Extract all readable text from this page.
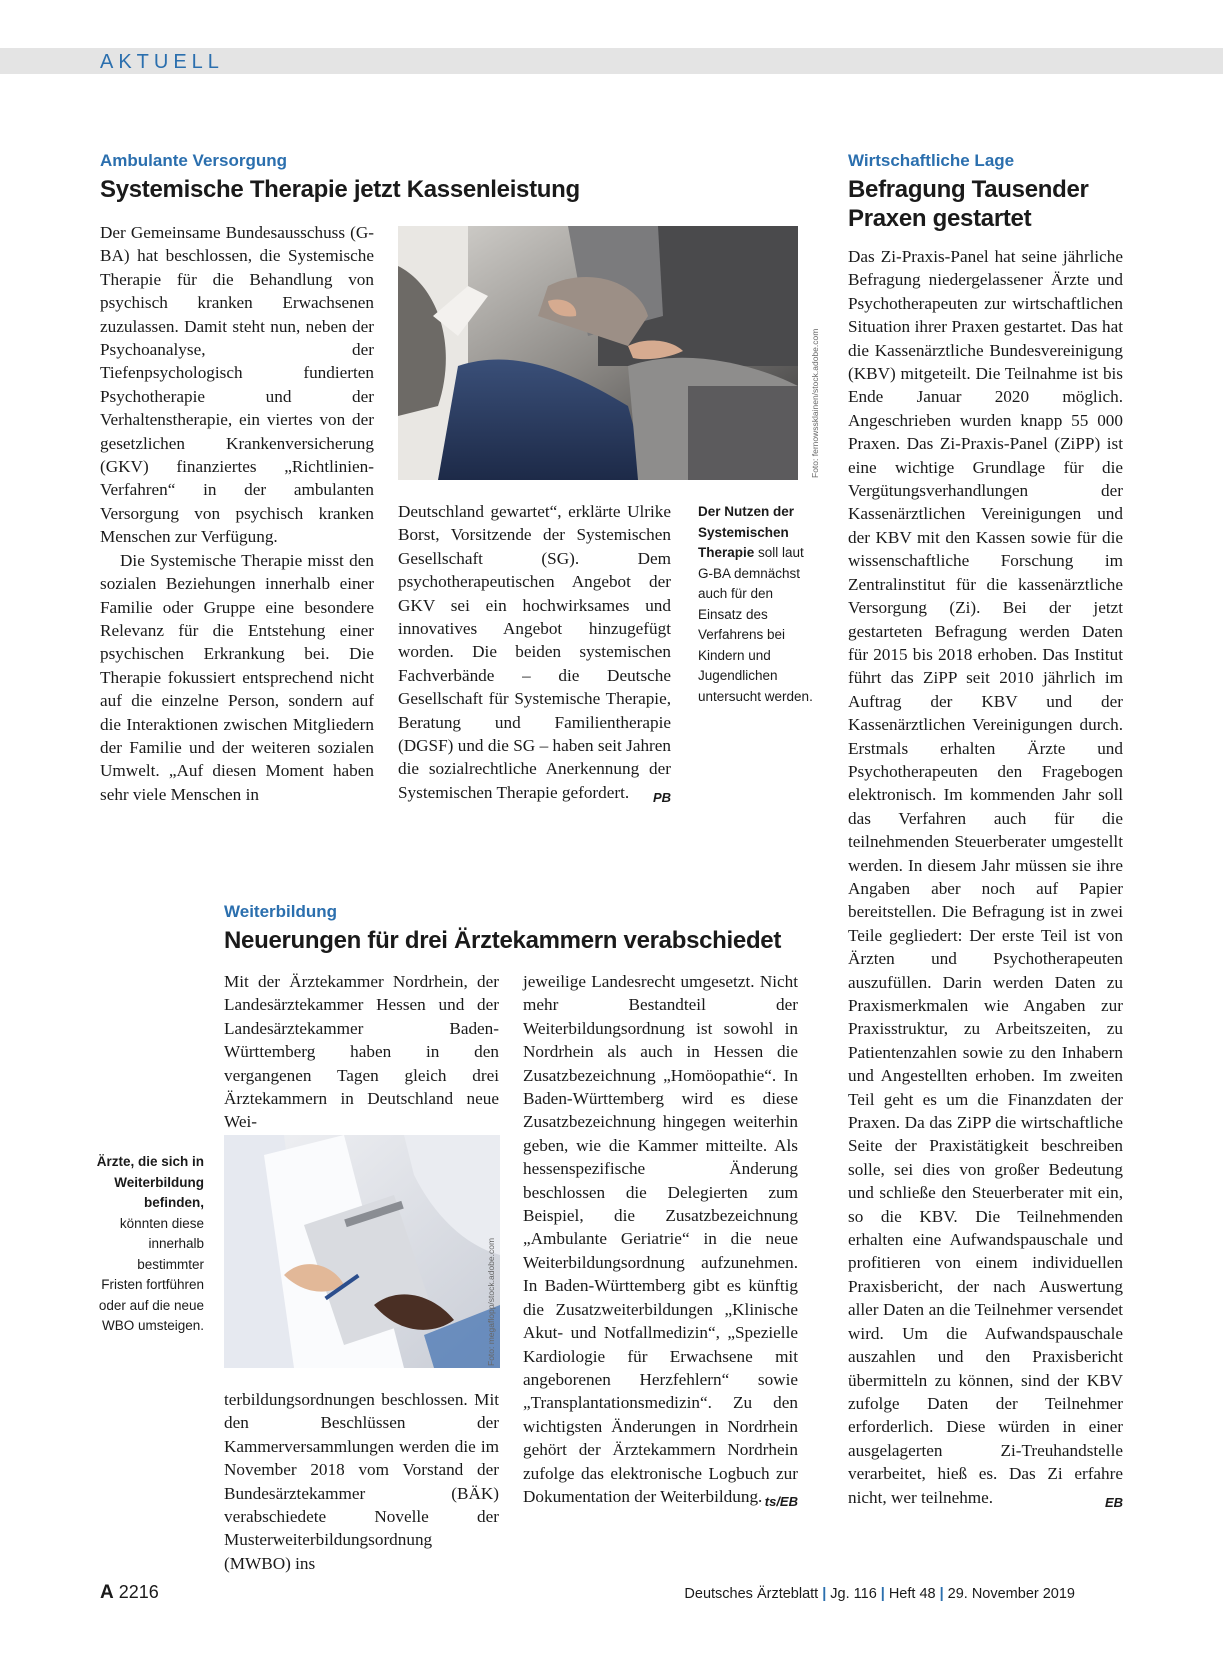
AKTUELL
Ambulante Versorgung
Systemische Therapie jetzt Kassenleistung

Der Gemeinsame Bundesausschuss (G-BA) hat beschlossen, die Systemische Therapie für die Behandlung von psychisch kranken Erwachsenen zuzulassen. Damit steht nun, neben der Psychoanalyse, der Tiefenpsychologisch fundierten Psychotherapie und der Verhaltenstherapie, ein viertes von der gesetzlichen Krankenversicherung (GKV) finanziertes „Richtlinien-Verfahren“ in der ambulanten Versorgung von psychisch kranken Menschen zur Verfügung.

Die Systemische Therapie misst den sozialen Beziehungen innerhalb einer Familie oder Gruppe eine besondere Relevanz für die Entstehung einer psychischen Erkrankung bei. Die Therapie fokussiert entsprechend nicht auf die einzelne Person, sondern auf die Interaktionen zwischen Mitgliedern der Familie und der weiteren sozialen Umwelt. „Auf diesen Moment haben sehr viele Menschen in

Foto: fernowssklainen/stock.adobe.com

Deutschland gewartet“, erklärte Ulrike Borst, Vorsitzende der Systemischen Gesellschaft (SG). Dem psychotherapeutischen Angebot der GKV sei ein hochwirksames und innovatives Angebot hinzugefügt worden. Die beiden systemischen Fachverbände – die Deutsche Gesellschaft für Systemische Therapie, Beratung und Familientherapie (DGSF) und die SG – haben seit Jahren die sozialrechtliche Anerkennung der Systemischen Therapie gefordert. PB

Der Nutzen der Systemischen Therapie soll laut G-BA demnächst auch für den Einsatz des Verfahrens bei Kindern und Jugendlichen untersucht werden.
Wirtschaftliche Lage
Befragung Tausender
Praxen gestartet

Das Zi-Praxis-Panel hat seine jährliche Befragung niedergelassener Ärzte und Psychotherapeuten zur wirtschaftlichen Situation ihrer Praxen gestartet. Das hat die Kassenärztliche Bundesvereinigung (KBV) mitgeteilt. Die Teilnahme ist bis Ende Januar 2020 möglich. Angeschrieben wurden knapp 55 000 Praxen. Das Zi-Praxis-Panel (ZiPP) ist eine wichtige Grundlage für die Vergütungsverhandlungen der Kassenärztlichen Vereinigungen und der KBV mit den Kassen sowie für die wissenschaftliche Forschung im Zentralinstitut für die kassenärztliche Versorgung (Zi). Bei der jetzt gestarteten Befragung werden Daten für 2015 bis 2018 erhoben. Das Institut führt das ZiPP seit 2010 jährlich im Auftrag der KBV und der Kassenärztlichen Vereinigungen durch. Erstmals erhalten Ärzte und Psychotherapeuten den Fragebogen elektronisch. Im kommenden Jahr soll das Verfahren auch für die teilnehmenden Steuerberater umgestellt werden. In diesem Jahr müssen sie ihre Angaben aber noch auf Papier bereitstellen. Die Befragung ist in zwei Teile gegliedert: Der erste Teil ist von Ärzten und Psychotherapeuten auszufüllen. Darin werden Daten zu Praxismerkmalen wie Angaben zur Praxisstruktur, zu Arbeitszeiten, zu Patientenzahlen sowie zu den Inhabern und Angestellten erhoben. Im zweiten Teil geht es um die Finanzdaten der Praxen. Da das ZiPP die wirtschaftliche Seite der Praxistätigkeit beschreiben solle, sei dies von großer Bedeutung und schließe den Steuerberater mit ein, so die KBV. Die Teilnehmenden erhalten eine Aufwandspauschale und profitieren von einem individuellen Praxisbericht, der nach Auswertung aller Daten an die Teilnehmer versendet wird. Um die Aufwandspauschale auszahlen und den Praxisbericht übermitteln zu können, sind der KBV zufolge Daten der Teilnehmer erforderlich. Diese würden in einer ausgelagerten Zi-Treuhandstelle verarbeitet, hieß es. Das Zi erfahre nicht, wer teilnehme.	EB

Weiterbildung
Neuerungen für drei Ärztekammern verabschiedet

Mit der Ärztekammer Nordrhein, der Landesärztekammer Hessen und der Landesärztekammer Baden-Württemberg haben in den vergangenen Tagen gleich drei Ärztekammern in Deutschland neue Wei-

Foto: megaflopp/stock.adobe.com

terbildungsordnungen beschlossen. Mit den Beschlüssen der Kammerversammlungen werden die im November 2018 vom Vorstand der Bundesärztekammer (BÄK) verabschiedete Novelle der Musterweiterbildungsordnung (MWBO) ins

jeweilige Landesrecht umgesetzt. Nicht mehr Bestandteil der Weiterbildungsordnung ist sowohl in Nordrhein als auch in Hessen die Zusatzbezeichnung „Homöopathie“. In Baden-Württemberg wird es diese Zusatzbezeichnung hingegen weiterhin geben, wie die Kammer mitteilte. Als hessenspezifische Änderung beschlossen die Delegierten zum Beispiel, die Zusatzbezeichnung „Ambulante Geriatrie“ in die neue Weiterbildungsordnung aufzunehmen. In Baden-Württemberg gibt es künftig die Zusatzweiterbildungen „Klinische Akut- und Notfallmedizin“, „Spezielle Kardiologie für Erwachsene mit angeborenen Herzfehlern“ sowie „Transplantationsmedizin“. Zu den wichtigsten Änderungen in Nordrhein gehört der Ärztekammern Nordrhein zufolge das elektronische Logbuch zur Dokumentation der Weiterbildung. ts/EB

Ärzte, die sich in Weiterbildung befinden, könnten diese innerhalb bestimmter Fristen fortführen oder auf die neue WBO umsteigen.
A 2216	Deutsches Ärzteblatt | Jg. 116 | Heft 48 | 29. November 2019
